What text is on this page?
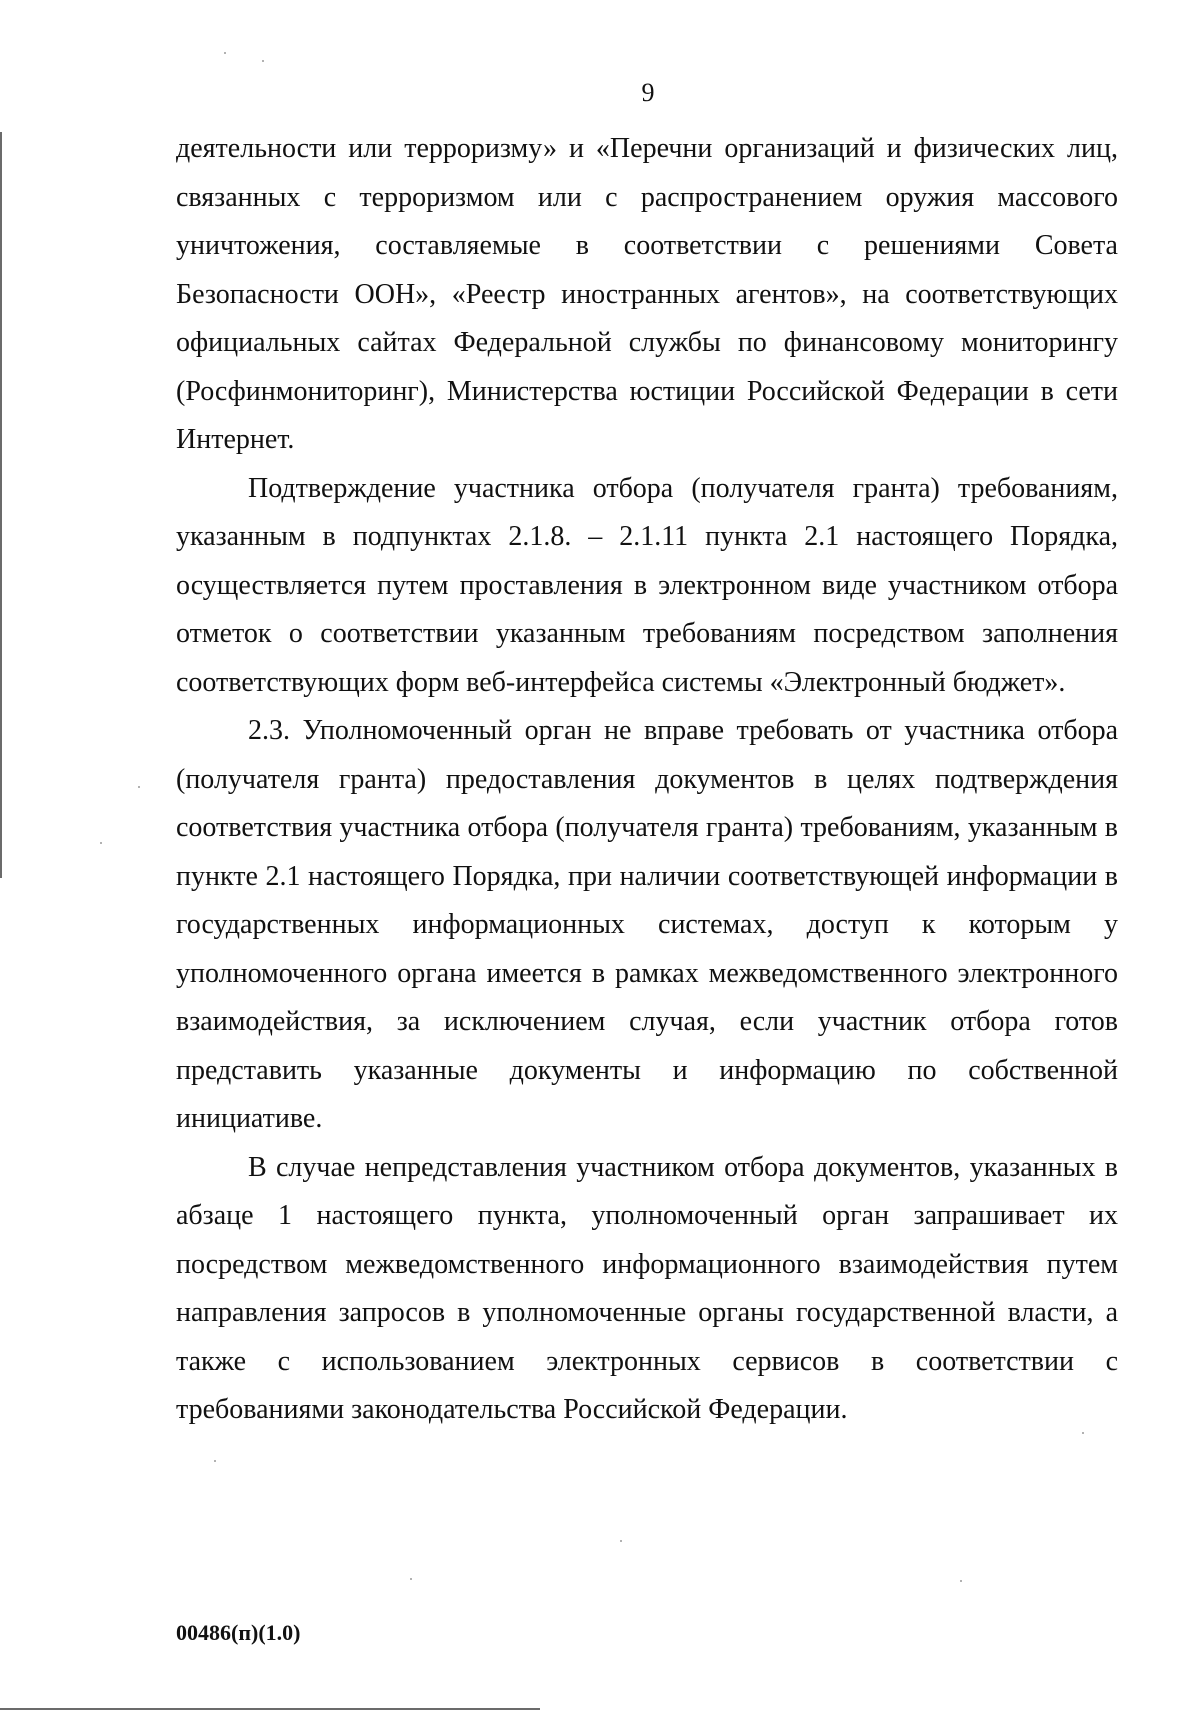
9

деятельности или терроризму» и «Перечни организаций и физических лиц, связанных с терроризмом или с распространением оружия массового уничтожения, составляемые в соответствии с решениями Совета Безопасности ООН», «Реестр иностранных агентов», на соответствующих официальных сайтах Федеральной службы по финансовому мониторингу (Росфинмониторинг), Министерства юстиции Российской Федерации в сети Интернет.

Подтверждение участника отбора (получателя гранта) требованиям, указанным в подпунктах 2.1.8. – 2.1.11 пункта 2.1 настоящего Порядка, осуществляется путем проставления в электронном виде участником отбора отметок о соответствии указанным требованиям посредством заполнения соответствующих форм веб-интерфейса системы «Электронный бюджет».

2.3. Уполномоченный орган не вправе требовать от участника отбора (получателя гранта) предоставления документов в целях подтверждения соответствия участника отбора (получателя гранта) требованиям, указанным в пункте 2.1 настоящего Порядка, при наличии соответствующей информации в государственных информационных системах, доступ к которым у уполномоченного органа имеется в рамках межведомственного электронного взаимодействия, за исключением случая, если участник отбора готов представить указанные документы и информацию по собственной инициативе.

В случае непредставления участником отбора документов, указанных в абзаце 1 настоящего пункта, уполномоченный орган запрашивает их посредством межведомственного информационного взаимодействия путем направления запросов в уполномоченные органы государственной власти, а также с использованием электронных сервисов в соответствии с требованиями законодательства Российской Федерации.

00486(п)(1.0)
